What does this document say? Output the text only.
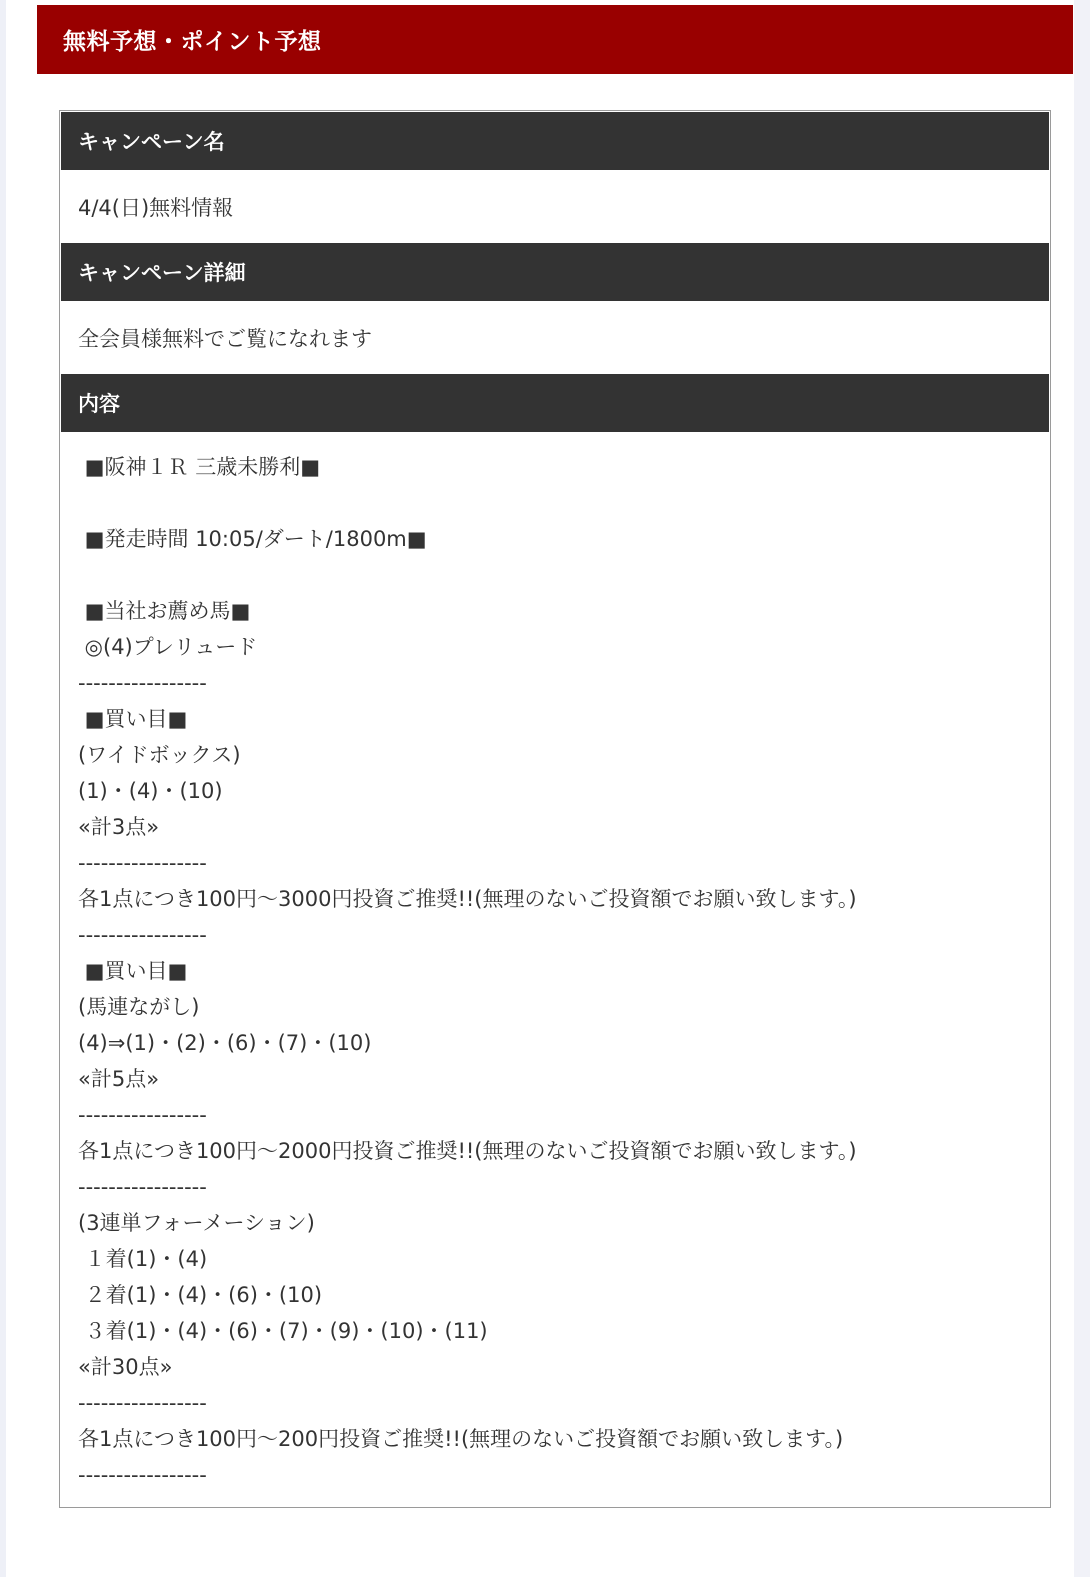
無料予想・ポイント予想
キャンペーン名
4/4(日)無料情報
キャンペーン詳細
全会員様無料でご覧になれます
内容
■阪神１Ｒ 三歳未勝利■
■発走時間 10:05/ダート/1800m■
■当社お薦め馬■
◎(4)プレリュード
-----------------
■買い目■
(ワイドボックス)
(1)・(4)・(10)
«計3点»
-----------------
各1点につき100円〜3000円投資ご推奨!!(無理のないご投資額でお願い致します。)
-----------------
■買い目■
(馬連ながし)
(4)⇒(1)・(2)・(6)・(7)・(10)
«計5点»
-----------------
各1点につき100円〜2000円投資ご推奨!!(無理のないご投資額でお願い致します。)
-----------------
(3連単フォーメーション)
１着(1)・(4)
２着(1)・(4)・(6)・(10)
３着(1)・(4)・(6)・(7)・(9)・(10)・(11)
«計30点»
-----------------
各1点につき100円〜200円投資ご推奨!!(無理のないご投資額でお願い致します。)
-----------------
